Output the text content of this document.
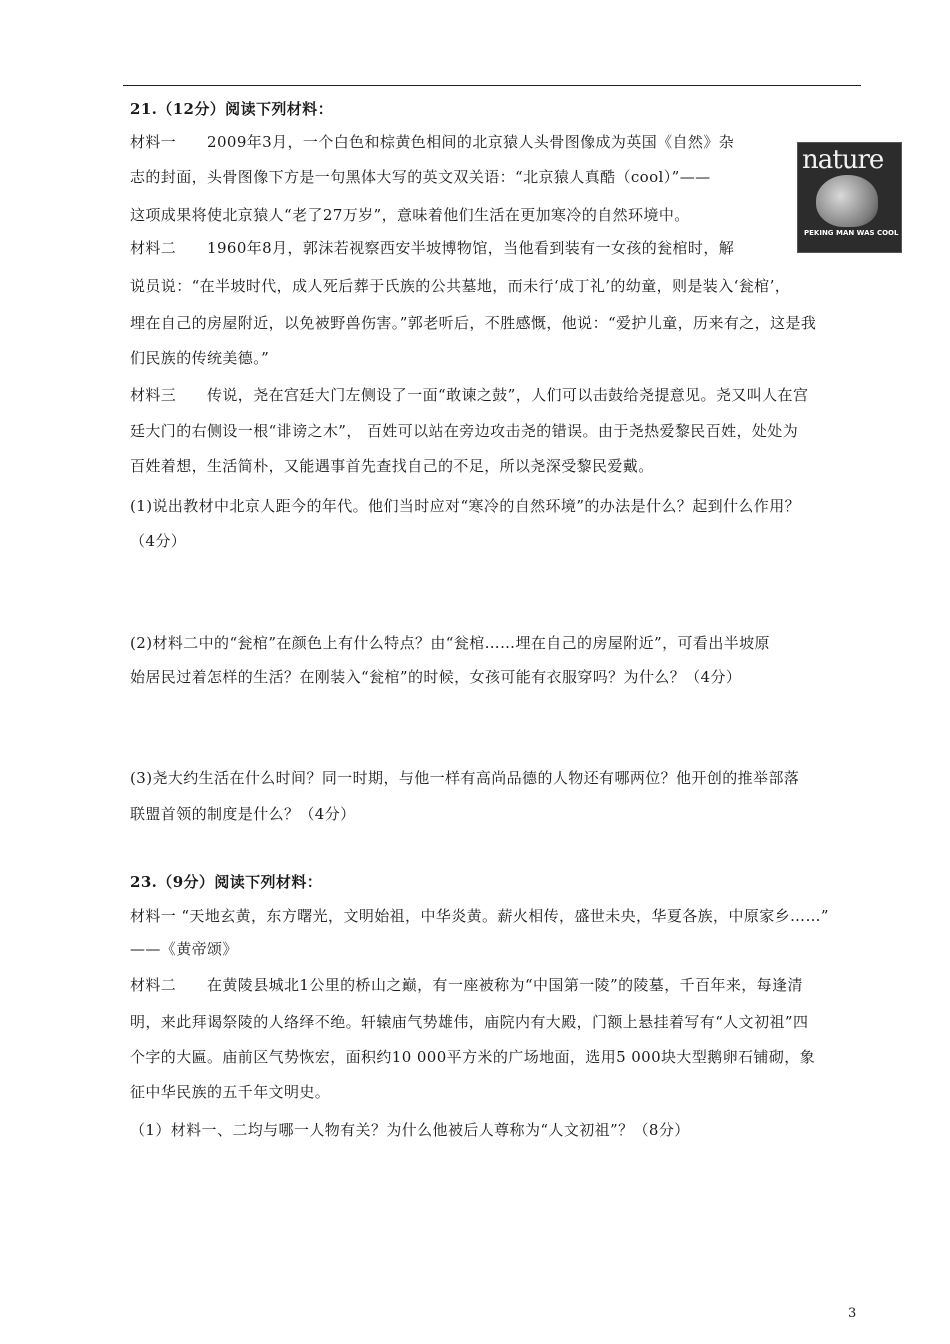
21.（12分）阅读下列材料：
材料一　　2009年3月，一个白色和棕黄色相间的北京猿人头骨图像成为英国《自然》杂
志的封面，头骨图像下方是一句黑体大写的英文双关语：“北京猿人真酷（cool）”——
这项成果将使北京猿人“老了27万岁”，意味着他们生活在更加寒冷的自然环境中。
材料二　　1960年8月，郭沫若视察西安半坡博物馆，当他看到装有一女孩的瓮棺时，解
说员说：“在半坡时代，成人死后葬于氏族的公共墓地，而未行‘成丁礼’的幼童，则是装入‘瓮棺’，
埋在自己的房屋附近，以免被野兽伤害。”郭老听后，不胜感慨，他说：“爱护儿童，历来有之，这是我
们民族的传统美德。”
材料三　　传说，尧在宫廷大门左侧设了一面“敢谏之鼓”，人们可以击鼓给尧提意见。尧又叫人在宫
廷大门的右侧设一根“诽谤之木”， 百姓可以站在旁边攻击尧的错误。由于尧热爱黎民百姓，处处为
百姓着想，生活简朴，又能遇事首先查找自己的不足，所以尧深受黎民爱戴。
nature
PEKING MAN WAS COOL
(1)说出教材中北京人距今的年代。他们当时应对“寒冷的自然环境”的办法是什么？起到什么作用？
（4分）
(2)材料二中的“瓮棺”在颜色上有什么特点？由“瓮棺……埋在自己的房屋附近”，可看出半坡原
始居民过着怎样的生活？在刚装入“瓮棺”的时候，女孩可能有衣服穿吗？为什么？（4分）
(3)尧大约生活在什么时间？同一时期，与他一样有高尚品德的人物还有哪两位？他开创的推举部落
联盟首领的制度是什么？（4分）
23.（9分）阅读下列材料：
材料一 “天地玄黄，东方曙光，文明始祖，中华炎黄。薪火相传，盛世未央，华夏各族，中原家乡……”
——《黄帝颂》
材料二　　在黄陵县城北1公里的桥山之巅，有一座被称为“中国第一陵”的陵墓，千百年来，每逢清
明，来此拜谒祭陵的人络绎不绝。轩辕庙气势雄伟，庙院内有大殿，门额上悬挂着写有“人文初祖”四
个字的大匾。庙前区气势恢宏，面积约10 000平方米的广场地面，选用5 000块大型鹅卵石铺砌，象
征中华民族的五千年文明史。
（1）材料一、二均与哪一人物有关？为什么他被后人尊称为“人文初祖”？（8分）
3
